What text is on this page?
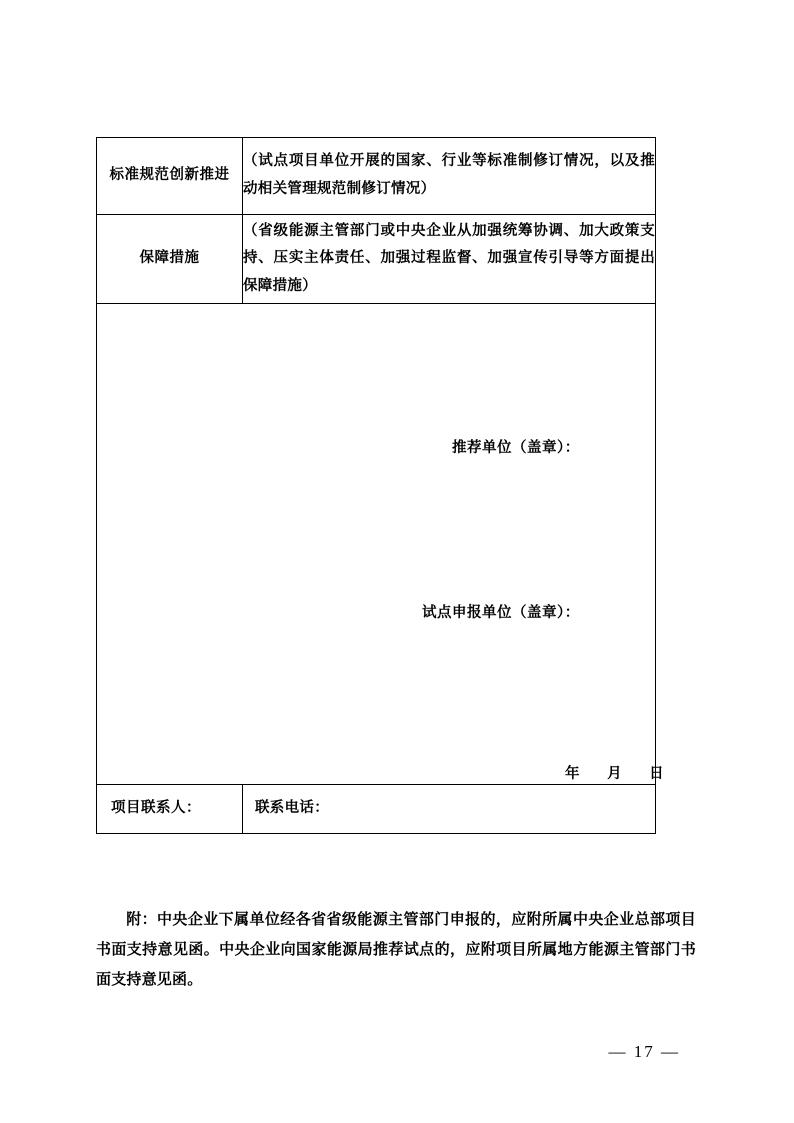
标准规范创新推进	（试点项目单位开展的国家、行业等标准制修订情况，以及推动相关管理规范制修订情况）
保障措施	（省级能源主管部门或中央企业从加强统筹协调、加大政策支持、压实主体责任、加强过程监督、加强宣传引导等方面提出保障措施）

推荐单位（盖章）：
试点申报单位（盖章）：
年 月 日	

项目联系人：	联系电话：
附：中央企业下属单位经各省省级能源主管部门申报的，应附所属中央企业总部项目书面支持意见函。中央企业向国家能源局推荐试点的，应附项目所属地方能源主管部门书面支持意见函。
— 17 —
